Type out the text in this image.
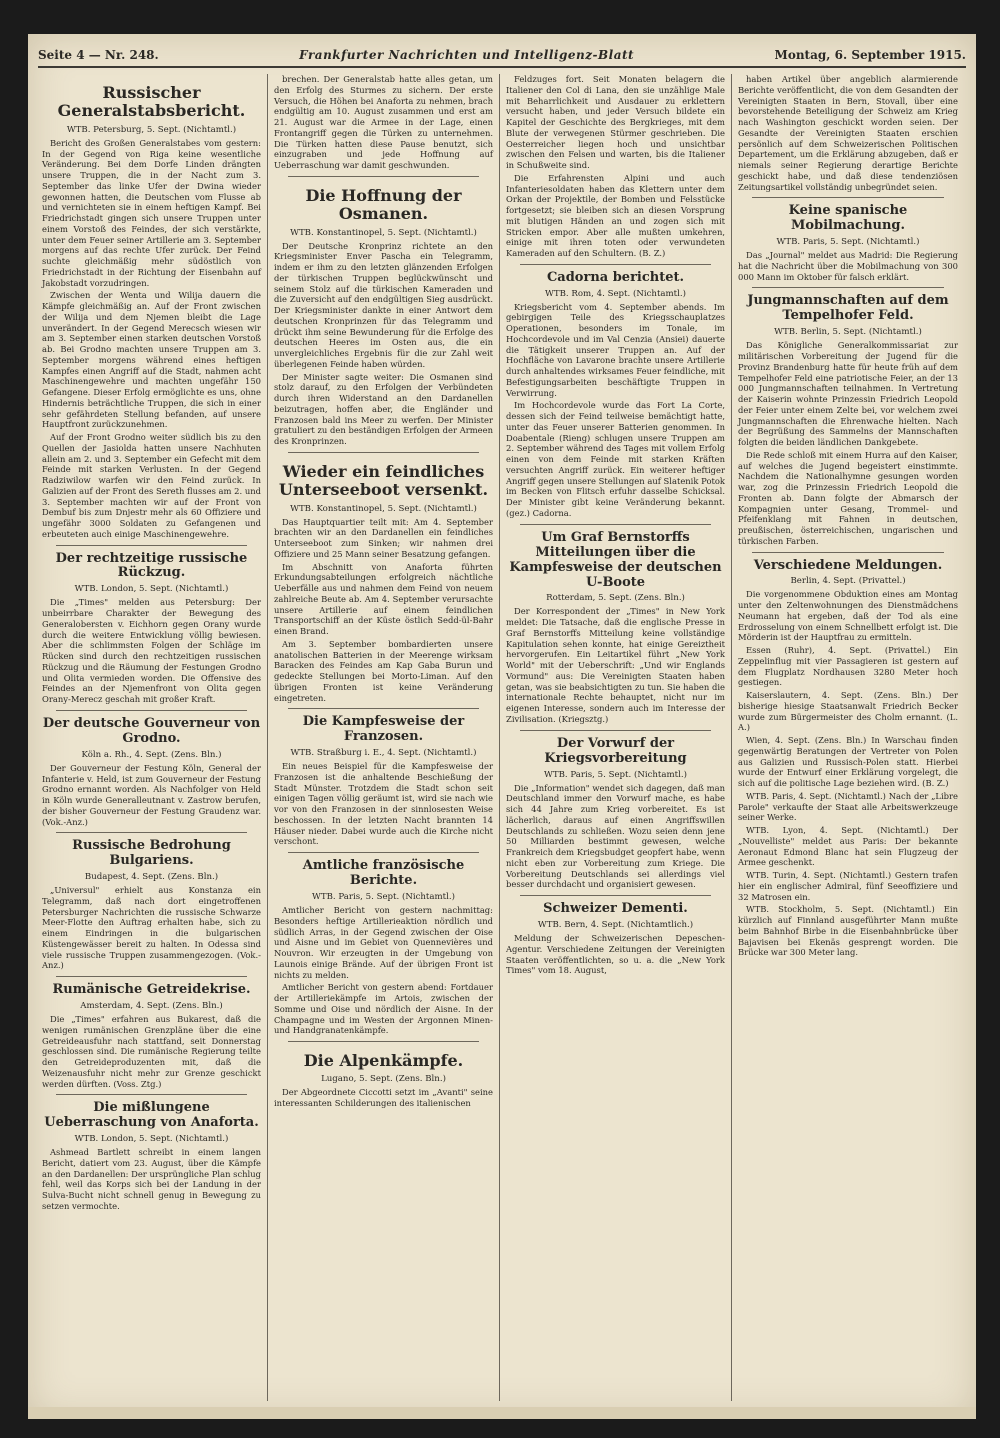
Seite 4 — Nr. 248.	Frankfurter Nachrichten und Intelligenz-Blatt	Montag, 6. September 1915.
Russischer Generalstabsbericht.
WTB. Petersburg, 5. Sept. (Nichtamtl.)

Bericht des Großen Generalstabes vom gestern: In der Gegend von Riga keine wesentliche Veränderung. Bei dem Dorfe Linden drängten unsere Truppen, die in der Nacht zum 3. September das linke Ufer der Dwina wieder gewonnen hatten, die Deutschen vom Flusse ab und vernichteten sie in einem heftigen Kampf. Bei Friedrichstadt gingen sich unsere Truppen unter einem Vorstoß des Feindes, der sich verstärkte, unter dem Feuer seiner Artillerie am 3. September morgens auf das rechte Ufer zurück. Der Feind suchte gleichmäßig mehr südöstlich von Friedrichstadt in der Richtung der Eisenbahn auf Jakobstadt vorzudringen.

Zwischen der Wenta und Wilija dauern die Kämpfe gleichmäßig an. Auf der Front zwischen der Wilija und dem Njemen bleibt die Lage unverändert. In der Gegend Merecsch wiesen wir am 3. September einen starken deutschen Vorstoß ab. Bei Grodno machten unsere Truppen am 3. September morgens während eines heftigen Kampfes einen Angriff auf die Stadt, nahmen acht Maschinengewehre und machten ungefähr 150 Gefangene. Dieser Erfolg ermöglichte es uns, ohne Hindernis beträchtliche Truppen, die sich in einer sehr gefährdeten Stellung befanden, auf unsere Hauptfront zurückzunehmen.

Auf der Front Grodno weiter südlich bis zu den Quellen der Jasiolda hatten unsere Nachhuten allein am 2. und 3. September ein Gefecht mit dem Feinde mit starken Verlusten. In der Gegend Radziwilow warfen wir den Feind zurück. In Galizien auf der Front des Sereth flusses am 2. und 3. September machten wir auf der Front von Dembuf bis zum Dnjestr mehr als 60 Offiziere und ungefähr 3000 Soldaten zu Gefangenen und erbeuteten auch einige Maschinengewehre.

Der rechtzeitige russische Rückzug.
WTB. London, 5. Sept. (Nichtamtl.)

Die „Times" melden aus Petersburg: Der unbeirrbare Charakter der Bewegung des Generalobersten v. Eichhorn gegen Orany wurde durch die weitere Entwicklung völlig bewiesen. Aber die schlimmsten Folgen der Schläge im Rücken sind durch den rechtzeitigen russischen Rückzug und die Räumung der Festungen Grodno und Olita vermieden worden. Die Offensive des Feindes an der Njemenfront von Olita gegen Orany-Merecz geschah mit großer Kraft.

Der deutsche Gouverneur von Grodno.
Köln a. Rh., 4. Sept. (Zens. Bln.)

Der Gouverneur der Festung Köln, General der Infanterie v. Held, ist zum Gouverneur der Festung Grodno ernannt worden. Als Nachfolger von Held in Köln wurde Generalleutnant v. Zastrow berufen, der bisher Gouverneur der Festung Graudenz war. (Vok.-Anz.)

Russische Bedrohung Bulgariens.
Budapest, 4. Sept. (Zens. Bln.)

„Universul" erhielt aus Konstanza ein Telegramm, daß nach dort eingetroffenen Petersburger Nachrichten die russische Schwarze Meer-Flotte den Auftrag erhalten habe, sich zu einem Eindringen in die bulgarischen Küstengewässer bereit zu halten. In Odessa sind viele russische Truppen zusammengezogen. (Vok.-Anz.)

Rumänische Getreidekrise.
Amsterdam, 4. Sept. (Zens. Bln.)

Die „Times" erfahren aus Bukarest, daß die wenigen rumänischen Grenzpläne über die eine Getreideausfuhr nach stattfand, seit Donnerstag geschlossen sind. Die rumänische Regierung teilte den Getreideproduzenten mit, daß die Weizenausfuhr nicht mehr zur Grenze geschickt werden dürften. (Voss. Ztg.)

Die mißlungene Ueberraschung von Anaforta.
WTB. London, 5. Sept. (Nichtamtl.)

Ashmead Bartlett schreibt in einem langen Bericht, datiert vom 23. August, über die Kämpfe an den Dardanellen: Der ursprüngliche Plan schlug fehl, weil das Korps sich bei der Landung in der Sulva-Bucht nicht schnell genug in Bewegung zu setzen vermochte.

brechen. Der Generalstab hatte alles getan, um den Erfolg des Sturmes zu sichern. Der erste Versuch, die Höhen bei Anaforta zu nehmen, brach endgültig am 10. August zusammen und erst am 21. August war die Armee in der Lage, einen Frontangriff gegen die Türken zu unternehmen. Die Türken hatten diese Pause benutzt, sich einzugraben und jede Hoffnung auf Ueberraschung war damit geschwunden.

Die Hoffnung der Osmanen.
WTB. Konstantinopel, 5. Sept. (Nichtamtl.)

Der Deutsche Kronprinz richtete an den Kriegsminister Enver Pascha ein Telegramm, indem er ihm zu den letzten glänzenden Erfolgen der türkischen Truppen beglückwünscht und seinem Stolz auf die türkischen Kameraden und die Zuversicht auf den endgültigen Sieg ausdrückt. Der Kriegsminister dankte in einer Antwort dem deutschen Kronprinzen für das Telegramm und drückt ihm seine Bewunderung für die Erfolge des deutschen Heeres im Osten aus, die ein unvergleichliches Ergebnis für die zur Zahl weit überlegenen Feinde haben würden.

Der Minister sagte weiter: Die Osmanen sind stolz darauf, zu den Erfolgen der Verbündeten durch ihren Widerstand an den Dardanellen beizutragen, hoffen aber, die Engländer und Franzosen bald ins Meer zu werfen. Der Minister gratuliert zu den beständigen Erfolgen der Armeen des Kronprinzen.

Wieder ein feindliches Unterseeboot versenkt.
WTB. Konstantinopel, 5. Sept. (Nichtamtl.)

Das Hauptquartier teilt mit: Am 4. September brachten wir an den Dardanellen ein feindliches Unterseeboot zum Sinken; wir nahmen drei Offiziere und 25 Mann seiner Besatzung gefangen.

Im Abschnitt von Anaforta führten Erkundungsabteilungen erfolgreich nächtliche Ueberfälle aus und nahmen dem Feind von neuem zahlreiche Beute ab. Am 4. September verursachte unsere Artillerie auf einem feindlichen Transportschiff an der Küste östlich Sedd-ül-Bahr einen Brand.

Am 3. September bombardierten unsere anatolischen Batterien in der Meerenge wirksam Baracken des Feindes am Kap Gaba Burun und gedeckte Stellungen bei Morto-Liman. Auf den übrigen Fronten ist keine Veränderung eingetreten.

Die Kampfesweise der Franzosen.
WTB. Straßburg i. E., 4. Sept. (Nichtamtl.)

Ein neues Beispiel für die Kampfesweise der Franzosen ist die anhaltende Beschießung der Stadt Münster. Trotzdem die Stadt schon seit einigen Tagen völlig geräumt ist, wird sie nach wie vor von den Franzosen in der sinnlosesten Weise beschossen. In der letzten Nacht brannten 14 Häuser nieder. Dabei wurde auch die Kirche nicht verschont.

Amtliche französische Berichte.
WTB. Paris, 5. Sept. (Nichtamtl.)

Amtlicher Bericht von gestern nachmittag: Besonders heftige Artillerieaktion nördlich und südlich Arras, in der Gegend zwischen der Oise und Aisne und im Gebiet von Quennevières und Nouvron. Wir erzeugten in der Umgebung von Launois einige Brände. Auf der übrigen Front ist nichts zu melden.

Amtlicher Bericht von gestern abend: Fortdauer der Artilleriekämpfe im Artois, zwischen der Somme und Oise und nördlich der Aisne. In der Champagne und im Westen der Argonnen Minen- und Handgranatenkämpfe.

Die Alpenkämpfe.
Lugano, 5. Sept. (Zens. Bln.)

Der Abgeordnete Ciccotti setzt im „Avanti" seine interessanten Schilderungen des italienischen

Feldzuges fort. Seit Monaten belagern die Italiener den Col di Lana, den sie unzählige Male mit Beharrlichkeit und Ausdauer zu erklettern versucht haben, und jeder Versuch bildete ein Kapitel der Geschichte des Bergkrieges, mit dem Blute der verwegenen Stürmer geschrieben. Die Oesterreicher liegen hoch und unsichtbar zwischen den Felsen und warten, bis die Italiener in Schußweite sind.

Die Erfahrensten Alpini und auch Infanteriesoldaten haben das Klettern unter dem Orkan der Projektile, der Bomben und Felsstücke fortgesetzt; sie bleiben sich an diesen Vorsprung mit blutigen Händen an und zogen sich mit Stricken empor. Aber alle mußten umkehren, einige mit ihren toten oder verwundeten Kameraden auf den Schultern. (B. Z.)

Cadorna berichtet.
WTB. Rom, 4. Sept. (Nichtamtl.)

Kriegsbericht vom 4. September abends. Im gebirgigen Teile des Kriegsschauplatzes Operationen, besonders im Tonale, im Hochcordevole und im Val Cenzia (Ansiei) dauerte die Tätigkeit unserer Truppen an. Auf der Hochfläche von Lavarone brachte unsere Artillerie durch anhaltendes wirksames Feuer feindliche, mit Befestigungsarbeiten beschäftigte Truppen in Verwirrung.

Im Hochcordevole wurde das Fort La Corte, dessen sich der Feind teilweise bemächtigt hatte, unter das Feuer unserer Batterien genommen. In Doabentale (Rieng) schlugen unsere Truppen am 2. September während des Tages mit vollem Erfolg einen von dem Feinde mit starken Kräften versuchten Angriff zurück. Ein weiterer heftiger Angriff gegen unsere Stellungen auf Slatenik Potok im Becken von Flitsch erfuhr dasselbe Schicksal. Der Minister gibt keine Veränderung bekannt. (gez.) Cadorna.

Um Graf Bernstorffs Mitteilungen über die Kampfesweise der deutschen U-Boote
Rotterdam, 5. Sept. (Zens. Bln.)

Der Korrespondent der „Times" in New York meldet: Die Tatsache, daß die englische Presse in Graf Bernstorffs Mitteilung keine vollständige Kapitulation sehen konnte, hat einige Gereiztheit hervorgerufen. Ein Leitartikel führt „New York World" mit der Ueberschrift: „Und wir Englands Vormund" aus: Die Vereinigten Staaten haben getan, was sie beabsichtigten zu tun. Sie haben die internationale Rechte behauptet, nicht nur im eigenen Interesse, sondern auch im Interesse der Zivilisation. (Kriegsztg.)

Der Vorwurf der Kriegsvorbereitung
WTB. Paris, 5. Sept. (Nichtamtl.)

Die „Information" wendet sich dagegen, daß man Deutschland immer den Vorwurf mache, es habe sich 44 Jahre zum Krieg vorbereitet. Es ist lächerlich, daraus auf einen Angriffswillen Deutschlands zu schließen. Wozu seien denn jene 50 Milliarden bestimmt gewesen, welche Frankreich dem Kriegsbudget geopfert habe, wenn nicht eben zur Vorbereitung zum Kriege. Die Vorbereitung Deutschlands sei allerdings viel besser durchdacht und organisiert gewesen.

Schweizer Dementi.
WTB. Bern, 4. Sept. (Nichtamtlich.)

Meldung der Schweizerischen Depeschen-Agentur. Verschiedene Zeitungen der Vereinigten Staaten veröffentlichten, so u. a. die „New York Times" vom 18. August,

haben Artikel über angeblich alarmierende Berichte veröffentlicht, die von dem Gesandten der Vereinigten Staaten in Bern, Stovall, über eine bevorstehende Beteiligung der Schweiz am Krieg nach Washington geschickt worden seien. Der Gesandte der Vereinigten Staaten erschien persönlich auf dem Schweizerischen Politischen Departement, um die Erklärung abzugeben, daß er niemals seiner Regierung derartige Berichte geschickt habe, und daß diese tendenziösen Zeitungsartikel vollständig unbegründet seien.

Keine spanische Mobilmachung.
WTB. Paris, 5. Sept. (Nichtamtl.)

Das „Journal" meldet aus Madrid: Die Regierung hat die Nachricht über die Mobilmachung von 300 000 Mann im Oktober für falsch erklärt.

Jungmannschaften auf dem Tempelhofer Feld.
WTB. Berlin, 5. Sept. (Nichtamtl.)

Das Königliche Generalkommissariat zur militärischen Vorbereitung der Jugend für die Provinz Brandenburg hatte für heute früh auf dem Tempelhofer Feld eine patriotische Feier, an der 13 000 Jungmannschaften teilnahmen. In Vertretung der Kaiserin wohnte Prinzessin Friedrich Leopold der Feier unter einem Zelte bei, vor welchem zwei Jungmannschaften die Ehrenwache hielten. Nach der Begrüßung des Sammelns der Mannschaften folgten die beiden ländlichen Dankgebete.

Die Rede schloß mit einem Hurra auf den Kaiser, auf welches die Jugend begeistert einstimmte. Nachdem die Nationalhymne gesungen worden war, zog die Prinzessin Friedrich Leopold die Fronten ab. Dann folgte der Abmarsch der Kompagnien unter Gesang, Trommel- und Pfeifenklang mit Fahnen in deutschen, preußischen, österreichischen, ungarischen und türkischen Farben.

Verschiedene Meldungen.
Berlin, 4. Sept. (Privattel.)

Die vorgenommene Obduktion eines am Montag unter den Zeltenwohnungen des Dienstmädchens Neumann hat ergeben, daß der Tod als eine Erdrosselung von einem Schnellbett erfolgt ist. Die Mörderin ist der Hauptfrau zu ermitteln.

Essen (Ruhr), 4. Sept. (Privattel.) Ein Zeppelinflug mit vier Passagieren ist gestern auf dem Flugplatz Nordhausen 3280 Meter hoch gestiegen.

Kaiserslautern, 4. Sept. (Zens. Bln.) Der bisherige hiesige Staatsanwalt Friedrich Becker wurde zum Bürgermeister des Cholm ernannt. (L. A.)

Wien, 4. Sept. (Zens. Bln.) In Warschau finden gegenwärtig Beratungen der Vertreter von Polen aus Galizien und Russisch-Polen statt. Hierbei wurde der Entwurf einer Erklärung vorgelegt, die sich auf die politische Lage beziehen wird. (B. Z.)

WTB. Paris, 4. Sept. (Nichtamtl.) Nach der „Libre Parole" verkaufte der Staat alle Arbeitswerkzeuge seiner Werke.

WTB. Lyon, 4. Sept. (Nichtamtl.) Der „Nouvelliste" meldet aus Paris: Der bekannte Aeronaut Edmond Blanc hat sein Flugzeug der Armee geschenkt.

WTB. Turin, 4. Sept. (Nichtamtl.) Gestern trafen hier ein englischer Admiral, fünf Seeoffiziere und 32 Matrosen ein.

WTB. Stockholm, 5. Sept. (Nichtamtl.) Ein kürzlich auf Finnland ausgeführter Mann mußte beim Bahnhof Birbe in die Eisenbahnbrücke über Bajavisen bei Ekenäs gesprengt worden. Die Brücke war 300 Meter lang.
